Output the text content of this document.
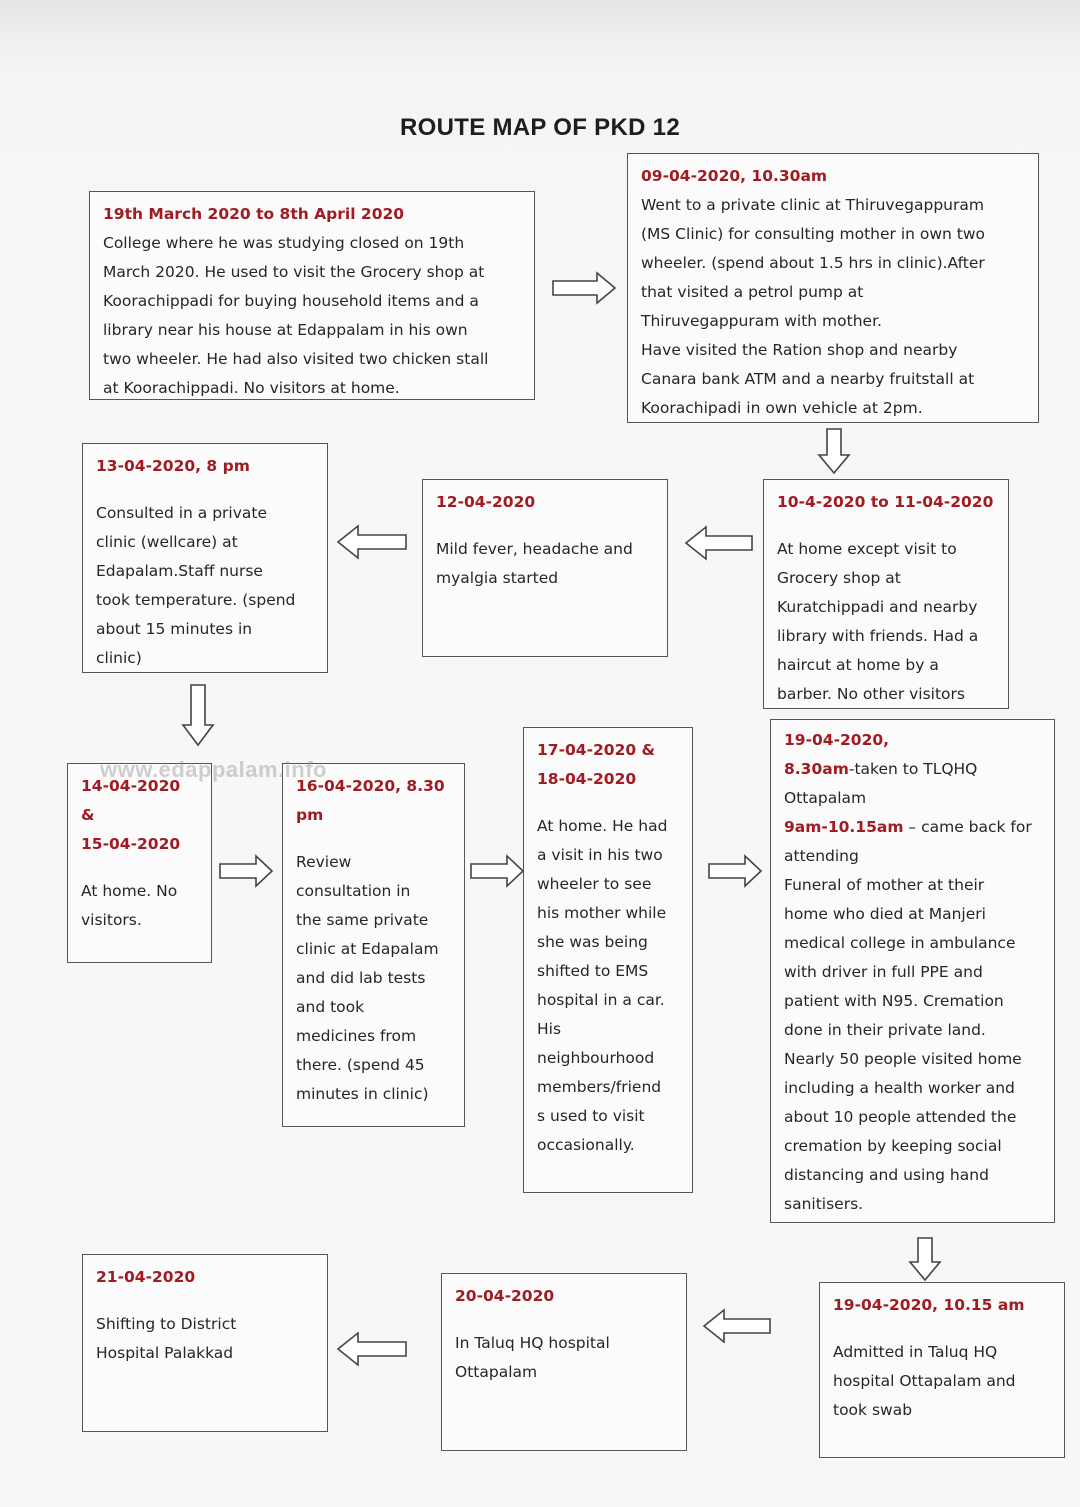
ROUTE MAP OF PKD 12

19th March 2020 to 8th April 2020

College where he was studying closed on 19th

March 2020. He used to visit the Grocery shop at

Koorachippadi for buying household items and a

library near his house at Edappalam in his own

two wheeler. He had also visited two chicken stall

at Koorachippadi. No visitors at home.

09-04-2020, 10.30am

Went to a private clinic at Thiruvegappuram

(MS Clinic) for consulting mother in own two

wheeler. (spend about 1.5 hrs in clinic).After

that visited a petrol pump at

Thiruvegappuram with mother.

Have visited the Ration shop and nearby

Canara bank ATM and a nearby fruitstall at

Koorachipadi in own vehicle at 2pm.

13-04-2020, 8 pm

Consulted in a private

clinic (wellcare) at

Edapalam.Staff nurse

took temperature. (spend

about 15 minutes in

clinic)

12-04-2020

Mild fever, headache and

myalgia started

10-4-2020 to 11-04-2020

At home except visit to

Grocery shop at

Kuratchippadi and nearby

library with friends. Had a

haircut at home by a

barber. No other visitors

14-04-2020 &

15-04-2020

At home. No

visitors.

16-04-2020, 8.30

pm

Review

consultation in

the same private

clinic at Edapalam

and did lab tests

and took

medicines from

there. (spend 45

minutes in clinic)

17-04-2020 &

18-04-2020

At home. He had

a visit in his two

wheeler to see

his mother while

she was being

shifted to EMS

hospital in a car.

His

neighbourhood

members/friend

s used to visit

occasionally.

19-04-2020,

8.30am-taken to TLQHQ

Ottapalam

9am-10.15am – came back for

attending

Funeral of mother at their

home who died at Manjeri

medical college in ambulance

with driver in full PPE and

patient with N95. Cremation

done in their private land.

Nearly 50 people visited home

including a health worker and

about 10 people attended the

cremation by keeping social

distancing and using hand

sanitisers.

21-04-2020

Shifting to District

Hospital Palakkad

20-04-2020

In Taluq HQ hospital

Ottapalam

19-04-2020, 10.15 am

Admitted in Taluq HQ

hospital Ottapalam and

took swab

www.edappalam.info
